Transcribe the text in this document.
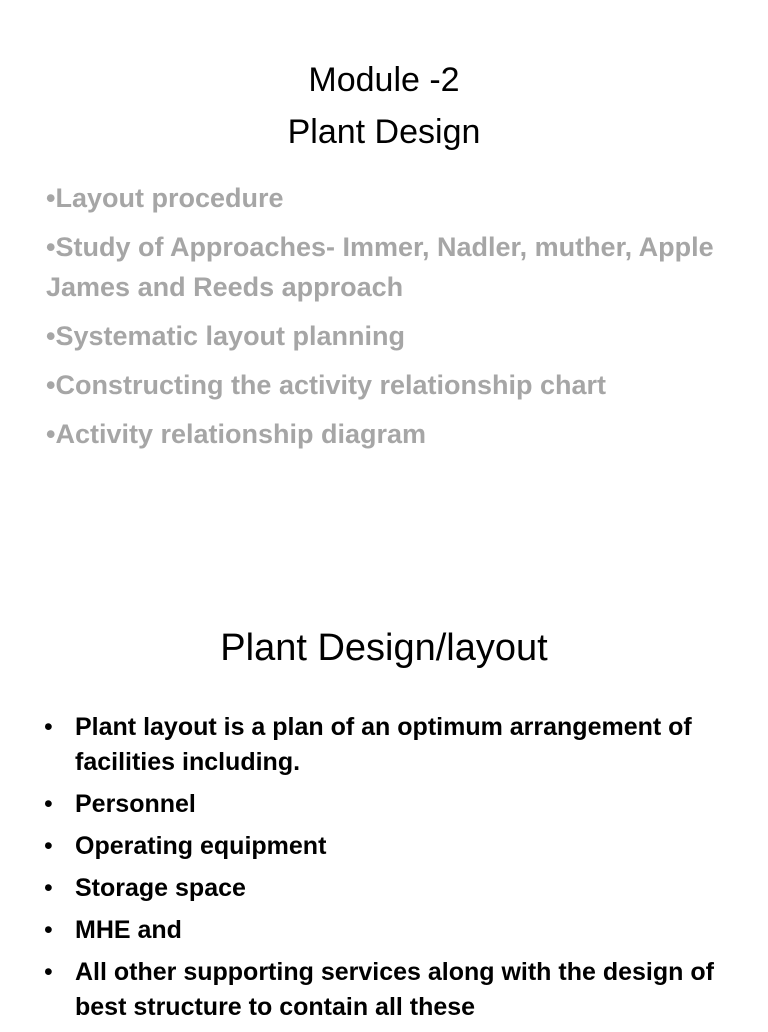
Module -2
Plant Design
•Layout procedure
•Study of Approaches- Immer, Nadler, muther, Apple James and Reeds approach
•Systematic layout planning
•Constructing the activity relationship chart
•Activity relationship diagram
Plant Design/layout
• Plant layout is a plan of an optimum arrangement of facilities including.
• Personnel
• Operating equipment
• Storage space
• MHE and
• All other supporting services along with the design of best structure to contain all these
